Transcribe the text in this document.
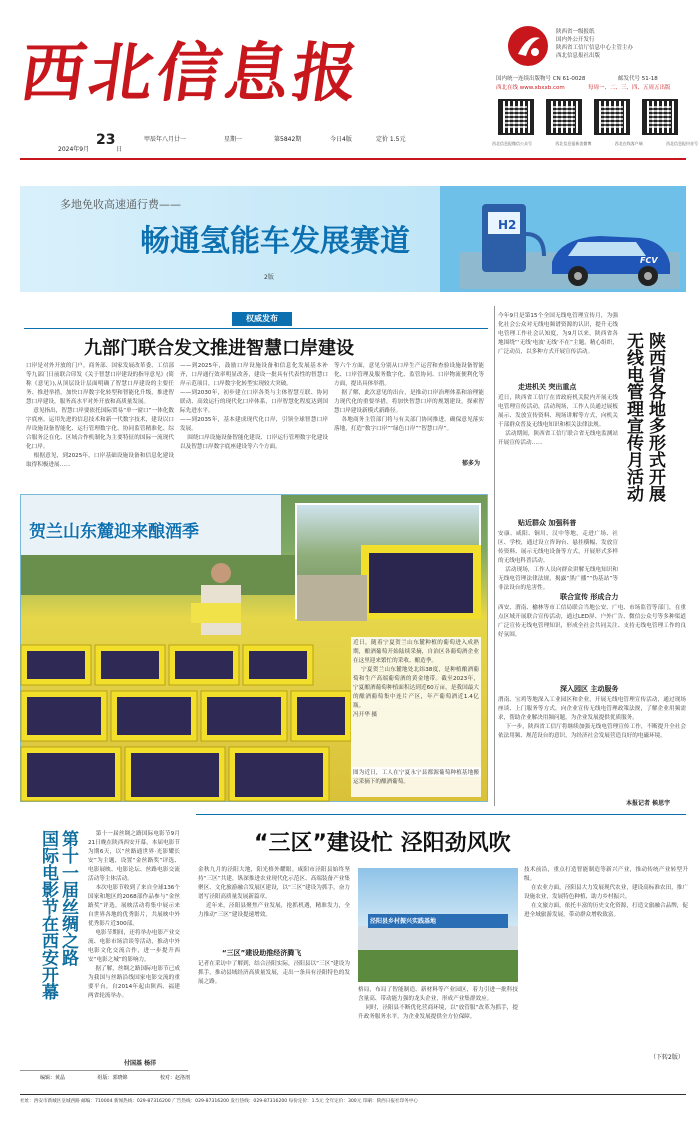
西北信息报
陕西省一级报纸
国内外公开发行
陕西省工信厅信息中心主管主办
西北信息报社出版
国内统一连续出版物号 CN 61-0028	邮发代号 51-18
西北在线 www.xbxxb.com	每周一、二、三、四、五周五出版
西北信息报微信公众号	西北信息报新浪微博	西北在线客户端	西北信息报抖音号
2024年9月
23
日
甲辰年八月廿一	星期一	第5842期	今日4版	定价 1.5元
多地免收高速通行费——
畅通氢能车发展赛道
2版
H2
FCV
权威发布
九部门联合发文推进智慧口岸建设
口岸是对外开放的门户。商务部、国家发展改革委、工信部等九部门日前联合印发《关于智慧口岸建设的指导意见》(简称《意见》),从顶层设计层面明确了智慧口岸建设的主要任务、推进举措，加快口岸数字化转型和智能化升级，推进智慧口岸建设，服务高水平对外开放和高质量发展。
意见指出，智慧口岸要依托国际贸易“单一窗口”一体化数字底座，运用先进的信息技术和新一代数字技术，建设以口岸设施设备智能化、运行管理数字化、协同监管精准化、综合服务泛在化、区域合作机制化为主要特征的国际一流现代化口岸。
根据意见，到2025年，口岸基础设施设备和信息化建设取得积极进展……
——到2025年，鼓励口岸设施设备和信息化发展基本补齐，口岸通行效率明显改善，建设一批具有代表性的智慧口岸示范项目，口岸数字化转型实现较大突破。
——到2030年，初步建立口岸各类与主体智慧互联、协同联动、高效运行的现代化口岸体系，口岸智慧化程度达到国际先进水平。
——到2035年，基本建成现代化口岸，引领全球智慧口岸发展。
围绕口岸设施设备智能化建设、口岸运行管理数字化建设以及智慧口岸数字底座建设等六个方面。
等六个方面，意见分别从口岸生产运营和查验设施设备智能化、口岸管理及服务数字化、监管协同、口岸物流便利化等方面，提出具体举措。
据了解，此次意见的出台，是推动口岸治理体系和治理能力现代化的重要举措，将加快智慧口岸的规划建设，探索智慧口岸建设新模式新路径。
各地商务主管部门将与有关部门协同推进，确保意见落实落地，打造“数字口岸”“绿色口岸”“智慧口岸”。
郁多为
贺兰山东麓迎来酿酒季
近日，随着宁夏贺兰山东麓种植的葡萄进入成熟期，酿酒葡萄开始陆续采摘，自治区各葡萄酒企业在这里迎来繁忙的采收、酿造季。
宁夏贺兰山东麓地处北纬38度，是种植酿酒葡萄和生产高端葡萄酒的黄金地带。截至2023年，宁夏酿酒葡萄种植面积达到近60万亩，是我国最大的酿酒葡萄集中连片产区，年产葡萄酒近1.4亿瓶。
冯开华 摄
图为近日，工人在宁夏永宁县都源葡萄种植基地搬运采摘下的酿酒葡萄。
第十一届丝绸之路
国际电影节在西安开幕	第十一届丝绸之路国际电影节9月21日晚在陕西西安开幕，本届电影节为期6天，以“丝路通世界·光影耀长安”为主题，设置“金丝路奖”评选、电影展映、电影论坛、丝路电影交流活动等主体活动。
本次电影节收到了来自全球136个国家和地区的2068部作品参与“金丝路奖”评选。展映活动将集中展示来自世界各地的优秀影片，共展映中外优秀影片近300部。
电影节期间，还将举办电影产业交流、电影市场洽谈等活动，推动中外电影文化交流合作，进一步提升西安“电影之城”的影响力。
据了解，丝绸之路国际电影节已成为我国与丝路沿线国家电影交流的重要平台，自2014年起由陕西、福建两省轮流举办。
付国基 杨洋
编辑：黄晶	组版：郭晓锦	校对：赵洛剖
今年9月是第15个全国无线电管理宣传月，为强化社会公众对无线电频谱资源的认识，提升无线电管理工作社会认知度，为9月以来，陕西省各地围绕“‘无线’电波‘无线’不在”主题，精心组织，广泛动员，以多种方式开展宣传活动。	陕西省各地多形式开展
无线电管理宣传月活动
走进机关 突出重点
近日，陕西省工信厅在省政府机关院内开展无线电管理宣传活动，活动现场，工作人员通过展板展示、发放宣传资料、现场讲解等方式，向机关干部群众普及无线电知识和相关法律法规。
活动期间，陕西省工信厅联合省无线电监测站开展宣传活动……
贴近群众 加强科普
安康、咸阳、铜川、汉中等地，走进广场、社区、学校，通过设立咨询台、悬挂横幅、发放宣传资料、展示无线电设备等方式，开展形式多样的无线电科普活动。
活动现场，工作人员向群众讲解无线电知识和无线电管理法律法规，揭露“黑广播”“伪基站”等非法设台的危害性。
联合宣传 形成合力
西安、渭南、榆林等市工信局联合当地公安、广电、市场监管等部门，在重点区域开展联合宣传活动，通过LED屏、户外广告、微信公众号等多种渠道广泛宣传无线电管理知识，形成全社会共同关注、支持无线电管理工作的良好氛围。
深入园区 主动服务
渭南、宝鸡等地深入工业园区和企业，开展无线电管理宣传活动，通过现场座谈、上门服务等方式，向企业宣传无线电管理政策法规，了解企业用频需求，帮助企业解决用频问题，为企业发展提供优质服务。
下一步，陕西省工信厅将继续加强无线电管理宣传工作，不断提升全社会依法用频、规范设台的意识，为经济社会发展营造良好的电磁环境。
本报记者 候思宇
“三区”建设忙 泾阳劲风吹
金秋九月的泾阳大地，阳光格外耀眼。咸阳市泾阳县始终坚持“三区”共建，纵深推进农业现代化示范区、高端装备产业集聚区、文化旅游融合发展区建设，以“三区”建设为抓手，奋力谱写泾阳高质量发展新篇章。
近年来，泾阳县聚焦产业发展，抢抓机遇，精准发力，全力推动“三区”建设提速增效。
“三区”建设助推经济腾飞
记者在采访中了解到，结合泾阳实际，泾阳县以“三区”建设为抓手，推动县域经济高质量发展，走出一条具有泾阳特色的发展之路。
泾阳县乡村振兴实践基地
格局，布局了智能制造、新材料等产业园区，着力引进一批科技含量高、带动能力强的龙头企业，形成产业集群效应。
同时，泾阳县不断优化营商环境，以“放管服”改革为抓手，提升政务服务水平，为企业发展提供全方位保障。
技术前沿，重点打造智能制造等新兴产业，推动传统产业转型升级。
在农业方面，泾阳县大力发展现代农业，建设高标准农田，推广设施农业，发展特色种植，助力乡村振兴。
在文旅方面，依托丰富的历史文化资源，打造文旅融合品牌，促进全域旅游发展，带动群众增收致富。
（下转2版）
社址：西安市新城区皇城西路 邮编：710004 新闻热线：029-87316200 广告热线：029-87316200 发行热线：029-87316200 每份定价：1.5元 全年定价：300元 印刷：陕西日报社印务中心
